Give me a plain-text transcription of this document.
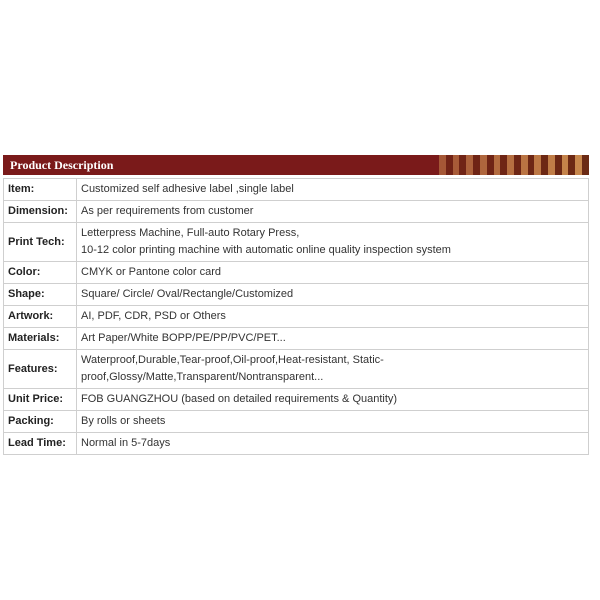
Product Description
Item:	Customized self adhesive label ,single label

Dimension:	As per requirements from customer

Print Tech:	Letterpress Machine, Full-auto Rotary Press,
10-12 color printing machine with automatic online quality inspection system

Color:	CMYK or Pantone color card

Shape:	Square/ Circle/ Oval/Rectangle/Customized

Artwork:	AI, PDF, CDR, PSD or Others

Materials:	Art Paper/White BOPP/PE/PP/PVC/PET...

Features:	Waterproof,Durable,Tear-proof,Oil-proof,Heat-resistant, Static-
proof,Glossy/Matte,Transparent/Nontransparent...

Unit Price:	FOB GUANGZHOU (based on detailed requirements & Quantity)

Packing:	By rolls or sheets

Lead Time:	Normal in 5-7days
